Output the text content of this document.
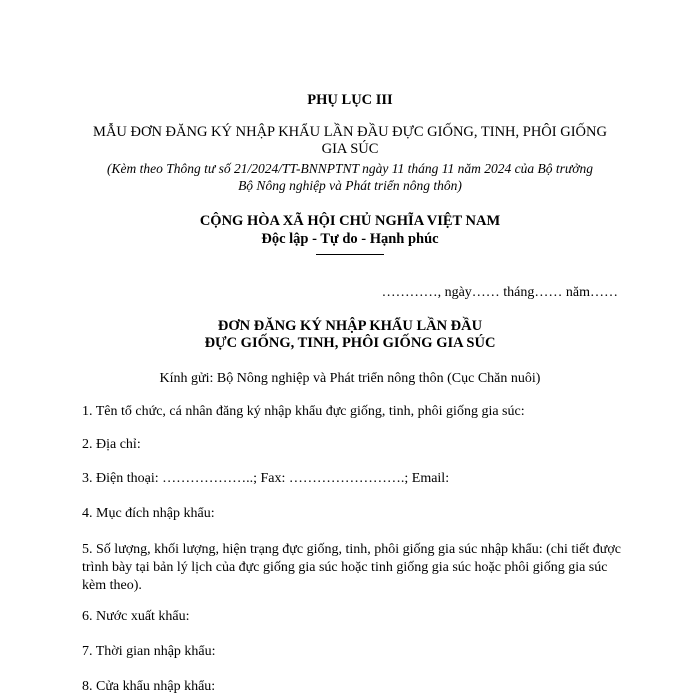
PHỤ LỤC III
MẪU ĐƠN ĐĂNG KÝ NHẬP KHẨU LẦN ĐẦU ĐỰC GIỐNG, TINH, PHÔI GIỐNG GIA SÚC
(Kèm theo Thông tư số 21/2024/TT-BNNPTNT ngày 11 tháng 11 năm 2024 của Bộ trưởng Bộ Nông nghiệp và Phát triển nông thôn)
CỘNG HÒA XÃ HỘI CHỦ NGHĨA VIỆT NAM
Độc lập - Tự do - Hạnh phúc
…………, ngày…… tháng…… năm……
ĐƠN ĐĂNG KÝ NHẬP KHẨU LẦN ĐẦU
ĐỰC GIỐNG, TINH, PHÔI GIỐNG GIA SÚC
Kính gửi: Bộ Nông nghiệp và Phát triển nông thôn (Cục Chăn nuôi)
1. Tên tổ chức, cá nhân đăng ký nhập khẩu đực giống, tinh, phôi giống gia súc:
2. Địa chỉ:
3. Điện thoại: ………………..; Fax: …………………….; Email:
4. Mục đích nhập khẩu:
5. Số lượng, khối lượng, hiện trạng đực giống, tinh, phôi giống gia súc nhập khẩu: (chi tiết được trình bày tại bản lý lịch của đực giống gia súc hoặc tinh giống gia súc hoặc phôi giống gia súc kèm theo).
6. Nước xuất khẩu:
7. Thời gian nhập khẩu:
8. Cửa khẩu nhập khẩu:
